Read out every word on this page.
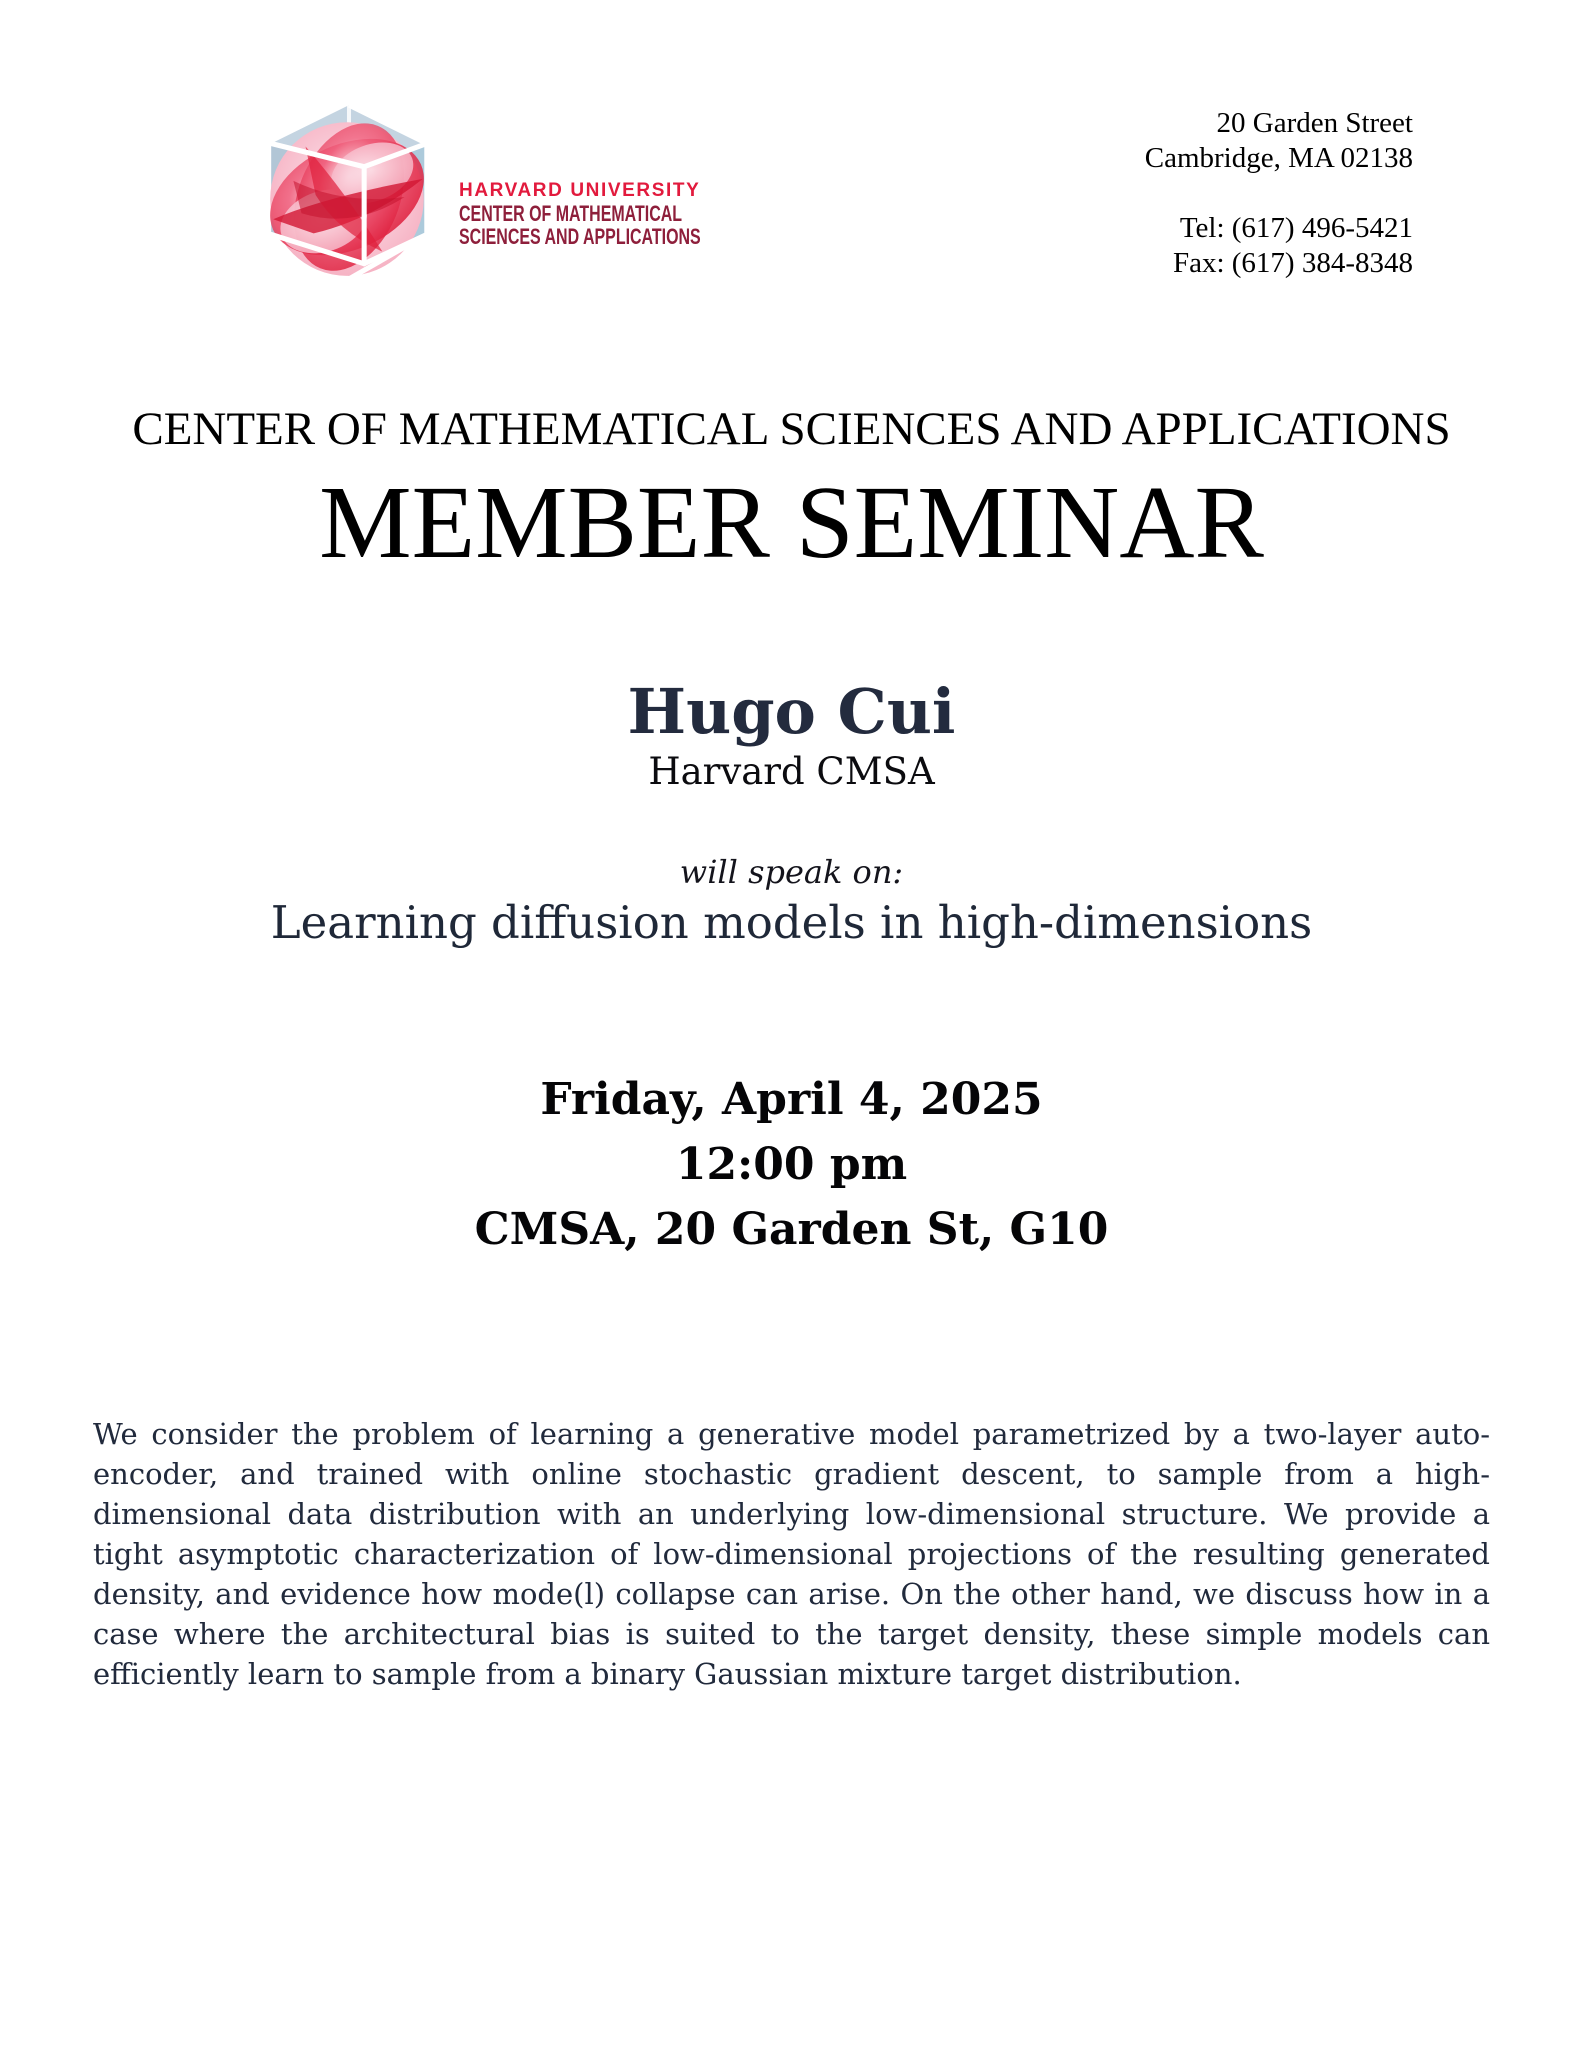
HARVARD UNIVERSITY
CENTER OF MATHEMATICAL
SCIENCES AND APPLICATIONS
20 Garden Street
Cambridge, MA 02138
Tel: (617) 496-5421
Fax: (617) 384-8348
CENTER OF MATHEMATICAL SCIENCES AND APPLICATIONS
MEMBER SEMINAR
Hugo Cui
Harvard CMSA
will speak on:
Learning diffusion models in high-dimensions
Friday, April 4, 2025
12:00 pm
CMSA, 20 Garden St, G10

We consider the problem of learning a generative model parametrized by a two-layer auto-encoder, and trained with online stochastic gradient descent, to sample from a high-dimensional data distribution with an underlying low-dimensional structure. We provide a tight asymptotic characterization of low-dimensional projections of the resulting generated density, and evidence how mode(l) collapse can arise. On the other hand, we discuss how in a case where the architectural bias is suited to the target density, these simple models can efficiently learn to sample from a binary Gaussian mixture target distribution.
